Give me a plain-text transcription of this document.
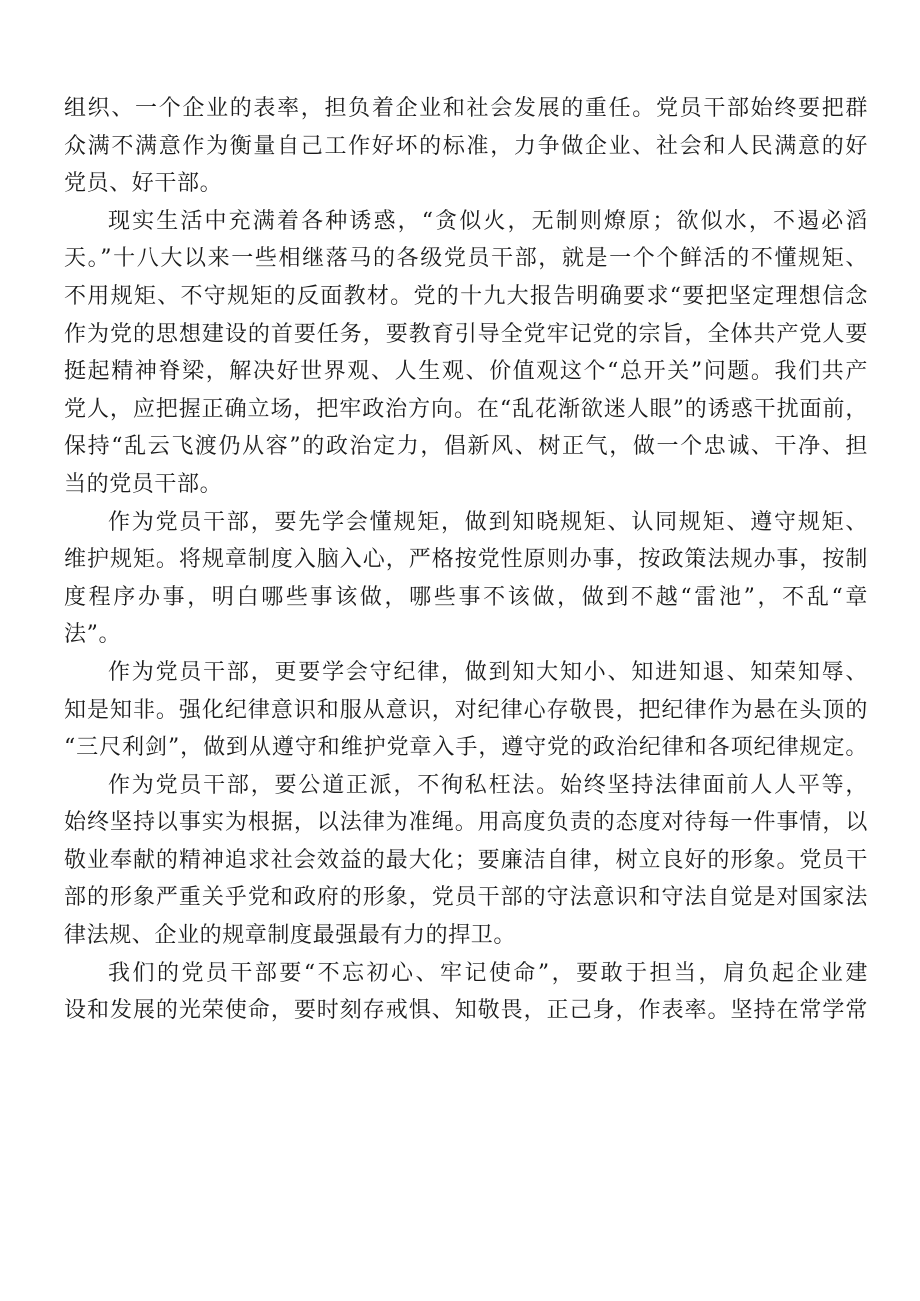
组织、一个企业的表率，担负着企业和社会发展的重任。党员干部始终要把群
众满不满意作为衡量自己工作好坏的标准，力争做企业、社会和人民满意的好
党员、好干部。
现实生活中充满着各种诱惑，“贪似火，无制则燎原；欲似水，不遏必滔
天。”十八大以来一些相继落马的各级党员干部，就是一个个鲜活的不懂规矩、
不用规矩、不守规矩的反面教材。党的十九大报告明确要求“要把坚定理想信念
作为党的思想建设的首要任务，要教育引导全党牢记党的宗旨，全体共产党人要
挺起精神脊梁，解决好世界观、人生观、价值观这个“总开关”问题。我们共产
党人，应把握正确立场，把牢政治方向。在“乱花渐欲迷人眼”的诱惑干扰面前，
保持“乱云飞渡仍从容”的政治定力，倡新风、树正气，做一个忠诚、干净、担
当的党员干部。
作为党员干部，要先学会懂规矩，做到知晓规矩、认同规矩、遵守规矩、
维护规矩。将规章制度入脑入心，严格按党性原则办事，按政策法规办事，按制
度程序办事，明白哪些事该做，哪些事不该做，做到不越“雷池”，不乱“章
法”。
作为党员干部，更要学会守纪律，做到知大知小、知进知退、知荣知辱、
知是知非。强化纪律意识和服从意识，对纪律心存敬畏，把纪律作为悬在头顶的
“三尺利剑”，做到从遵守和维护党章入手，遵守党的政治纪律和各项纪律规定。
作为党员干部，要公道正派，不徇私枉法。始终坚持法律面前人人平等，
始终坚持以事实为根据，以法律为准绳。用高度负责的态度对待每一件事情，以
敬业奉献的精神追求社会效益的最大化；要廉洁自律，树立良好的形象。党员干
部的形象严重关乎党和政府的形象，党员干部的守法意识和守法自觉是对国家法
律法规、企业的规章制度最强最有力的捍卫。
我们的党员干部要“不忘初心、牢记使命”，要敢于担当，肩负起企业建
设和发展的光荣使命，要时刻存戒惧、知敬畏，正己身，作表率。坚持在常学常
